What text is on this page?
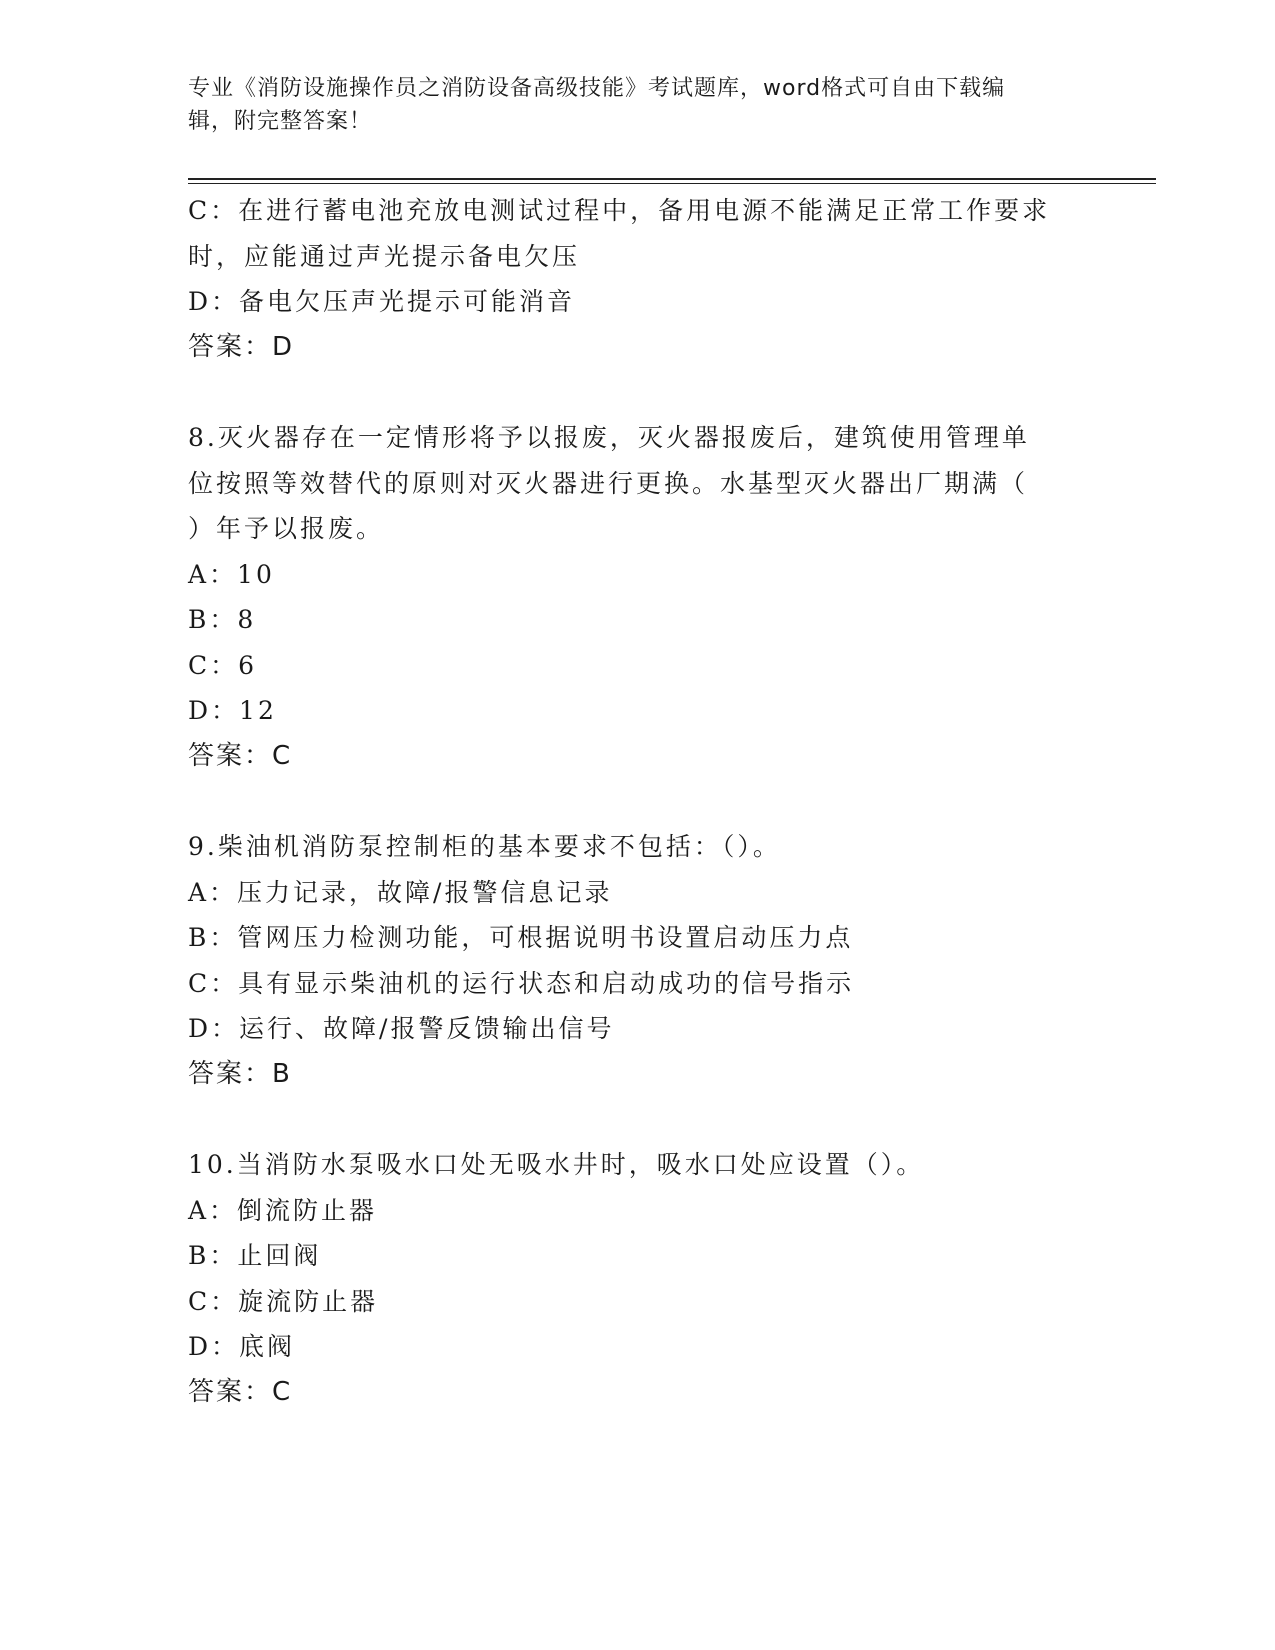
专业《消防设施操作员之消防设备高级技能》考试题库，word格式可自由下载编
辑，附完整答案！
C：在进行蓄电池充放电测试过程中，备用电源不能满足正常工作要求
时，应能通过声光提示备电欠压
D：备电欠压声光提示可能消音
答案：D
8.灭火器存在一定情形将予以报废，灭火器报废后，建筑使用管理单
位按照等效替代的原则对灭火器进行更换。水基型灭火器出厂期满（
）年予以报废。
A：10
B：8
C：6
D：12
答案：C
9.柴油机消防泵控制柜的基本要求不包括：（）。
A：压力记录，故障/报警信息记录
B：管网压力检测功能，可根据说明书设置启动压力点
C：具有显示柴油机的运行状态和启动成功的信号指示
D：运行、故障/报警反馈输出信号
答案：B
10.当消防水泵吸水口处无吸水井时，吸水口处应设置（）。
A：倒流防止器
B：止回阀
C：旋流防止器
D：底阀
答案：C
